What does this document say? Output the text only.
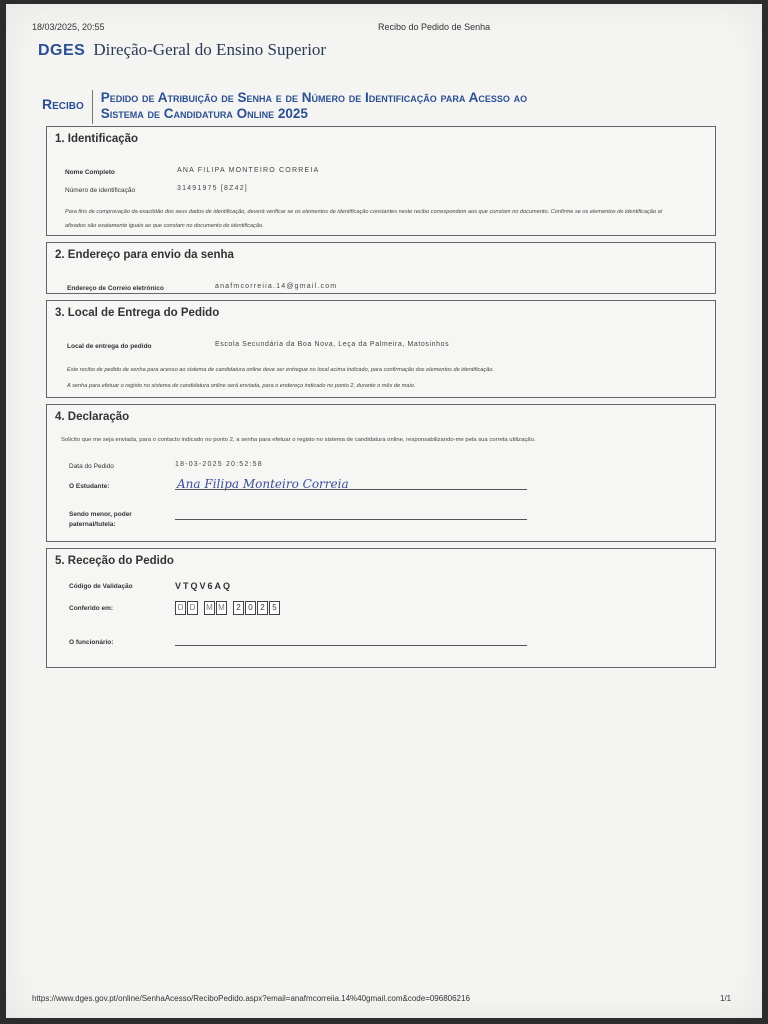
18/03/2025, 20:55	Recibo do Pedido de Senha
DGES Direção-Geral do Ensino Superior
Recibo	Pedido de Atribuição de Senha e de Número de Identificação para Acesso ao
Sistema de Candidatura Online 2025
1. Identificação
Nome Completo	ANA FILIPA MONTEIRO CORREIA
Número de identificação	31491975 [8Z42]
Para fins de comprovação da exactidão dos seus dados de identificação, deverá verificar se os elementos de identificação constantes neste recibo correspondem aos que constam no documento. Confirme se os elementos de identificação aí
afixados são exatamente iguais ao que constam no documento de identificação.
2. Endereço para envio da senha
Endereço de Correio eletrónico	anafmcorreiia.14@gmail.com
3. Local de Entrega do Pedido
Local de entrega do pedido	Escola Secundária da Boa Nova, Leça da Palmeira, Matosinhos
Este recibo de pedido de senha para acesso ao sistema de candidatura online deve ser entregue no local acima indicado, para confirmação dos elementos de identificação.
A senha para efetuar o registo no sistema de candidatura online será enviada, para o endereço indicado no ponto 2, durante o mês de maio.
4. Declaração
Solicito que me seja enviada, para o contacto indicado no ponto 2, a senha para efetuar o registo no sistema de candidatura online, responsabilizando-me pela sua correta utilização.
Data do Pedido	18-03-2025 20:52:58
O Estudante:	Ana Filipa Monteiro Correia
Sendo menor, poder
paternal/tutela:
5. Receção do Pedido
Código de Validação	VTQV6AQ
Conferido em:	D D	M M	2 0 2 5
O funcionário:
https://www.dges.gov.pt/online/SenhaAcesso/ReciboPedido.aspx?email=anafmcorreiia.14%40gmail.com&code=096806216	1/1
